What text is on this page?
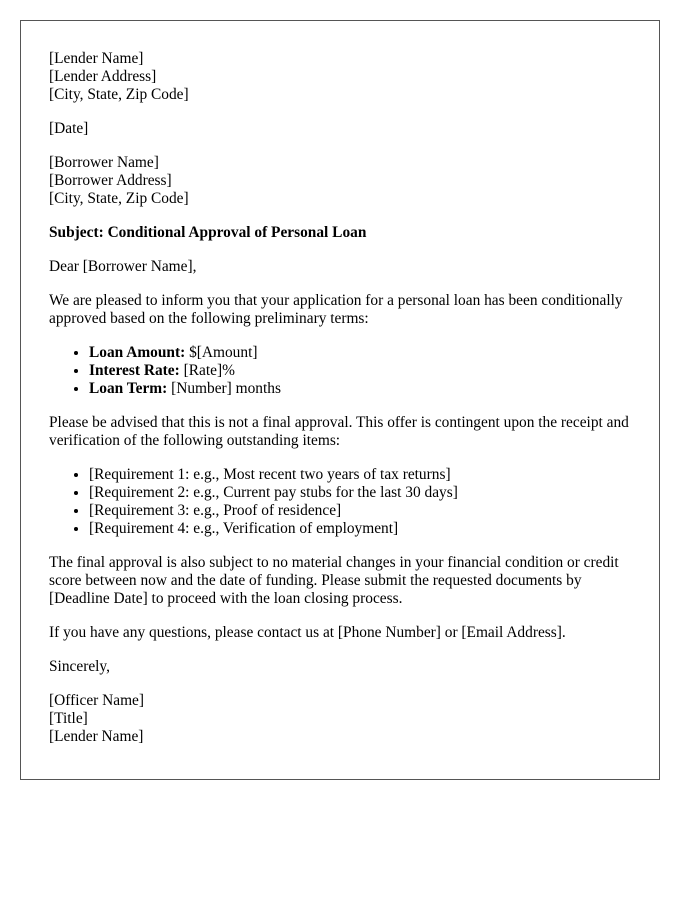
[Lender Name]
[Lender Address]
[City, State, Zip Code]

[Date]

[Borrower Name]
[Borrower Address]
[City, State, Zip Code]

Subject: Conditional Approval of Personal Loan

Dear [Borrower Name],

We are pleased to inform you that your application for a personal loan has been conditionally approved based on the following preliminary terms:

• Loan Amount: $[Amount]
• Interest Rate: [Rate]%
• Loan Term: [Number] months

Please be advised that this is not a final approval. This offer is contingent upon the receipt and verification of the following outstanding items:

• [Requirement 1: e.g., Most recent two years of tax returns]
• [Requirement 2: e.g., Current pay stubs for the last 30 days]
• [Requirement 3: e.g., Proof of residence]
• [Requirement 4: e.g., Verification of employment]

The final approval is also subject to no material changes in your financial condition or credit score between now and the date of funding. Please submit the requested documents by [Deadline Date] to proceed with the loan closing process.

If you have any questions, please contact us at [Phone Number] or [Email Address].

Sincerely,

[Officer Name]
[Title]
[Lender Name]
